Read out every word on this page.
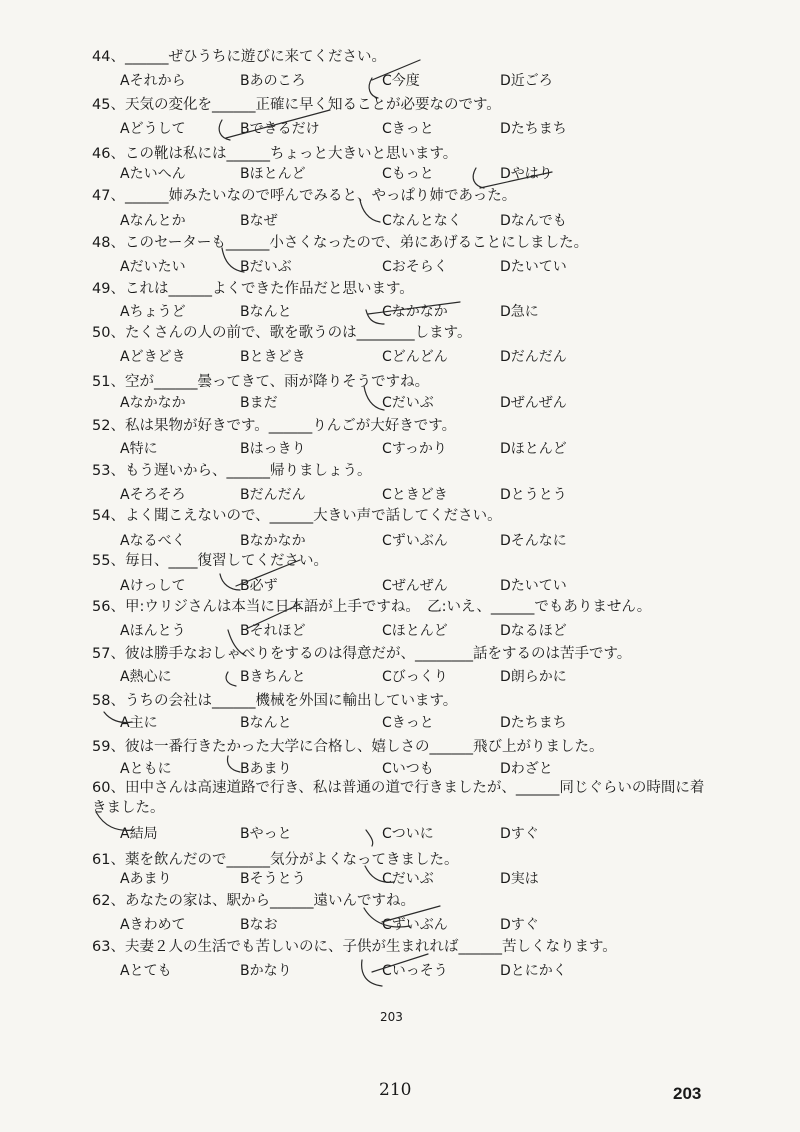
44、______ぜひうちに遊びに来てください。
Aそれから	Bあのころ	C今度	D近ごろ
45、天気の変化を______正確に早く知ることが必要なのです。
Aどうして	Bできるだけ	Cきっと	Dたちまち
46、この靴は私には______ちょっと大きいと思います。
Aたいへん	Bほとんど	Cもっと	Dやはり
47、______姉みたいなので呼んでみると、やっぱり姉であった。
Aなんとか	Bなぜ	Cなんとなく	Dなんでも
48、このセーターも______小さくなったので、弟にあげることにしました。
Aだいたい	Bだいぶ	Cおそらく	Dたいてい
49、これは______よくできた作品だと思います。
Aちょうど	Bなんと	Cなかなか	D急に
50、たくさんの人の前で、歌を歌うのは________します。
Aどきどき	Bときどき	Cどんどん	Dだんだん
51、空が______曇ってきて、雨が降りそうですね。
Aなかなか	Bまだ	Cだいぶ	Dぜんぜん
52、私は果物が好きです。______りんごが大好きです。
A特に	Bはっきり	Cすっかり	Dほとんど
53、もう遅いから、______帰りましょう。
Aそろそろ	Bだんだん	Cときどき	Dとうとう
54、よく聞こえないので、______大きい声で話してください。
Aなるべく	Bなかなか	Cずいぶん	Dそんなに
55、毎日、____復習してください。
Aけっして	B必ず	Cぜんぜん	Dたいてい
56、甲:ウリジさんは本当に日本語が上手ですね。　乙:いえ、______でもありません。
Aほんとう	Bそれほど	Cほとんど	Dなるほど
57、彼は勝手なおしゃべりをするのは得意だが、________話をするのは苦手です。
A熱心に	Bきちんと	Cびっくり	D朗らかに
58、うちの会社は______機械を外国に輸出しています。
A主に	Bなんと	Cきっと	Dたちまち
59、彼は一番行きたかった大学に合格し、嬉しさの______飛び上がりました。
Aともに	Bあまり	Cいつも	Dわざと
60、田中さんは高速道路で行き、私は普通の道で行きましたが、______同じぐらいの時間に着きました。
A結局	Bやっと	Cついに	Dすぐ
61、薬を飲んだので______気分がよくなってきました。
Aあまり	Bそうとう	Cだいぶ	D実は
62、あなたの家は、駅から______遠いんですね。
Aきわめて	Bなお	Cずいぶん	Dすぐ
63、夫妻２人の生活でも苦しいのに、子供が生まれれば______苦しくなります。
Aとても	Bかなり	Cいっそう	Dとにかく
203
210	203
